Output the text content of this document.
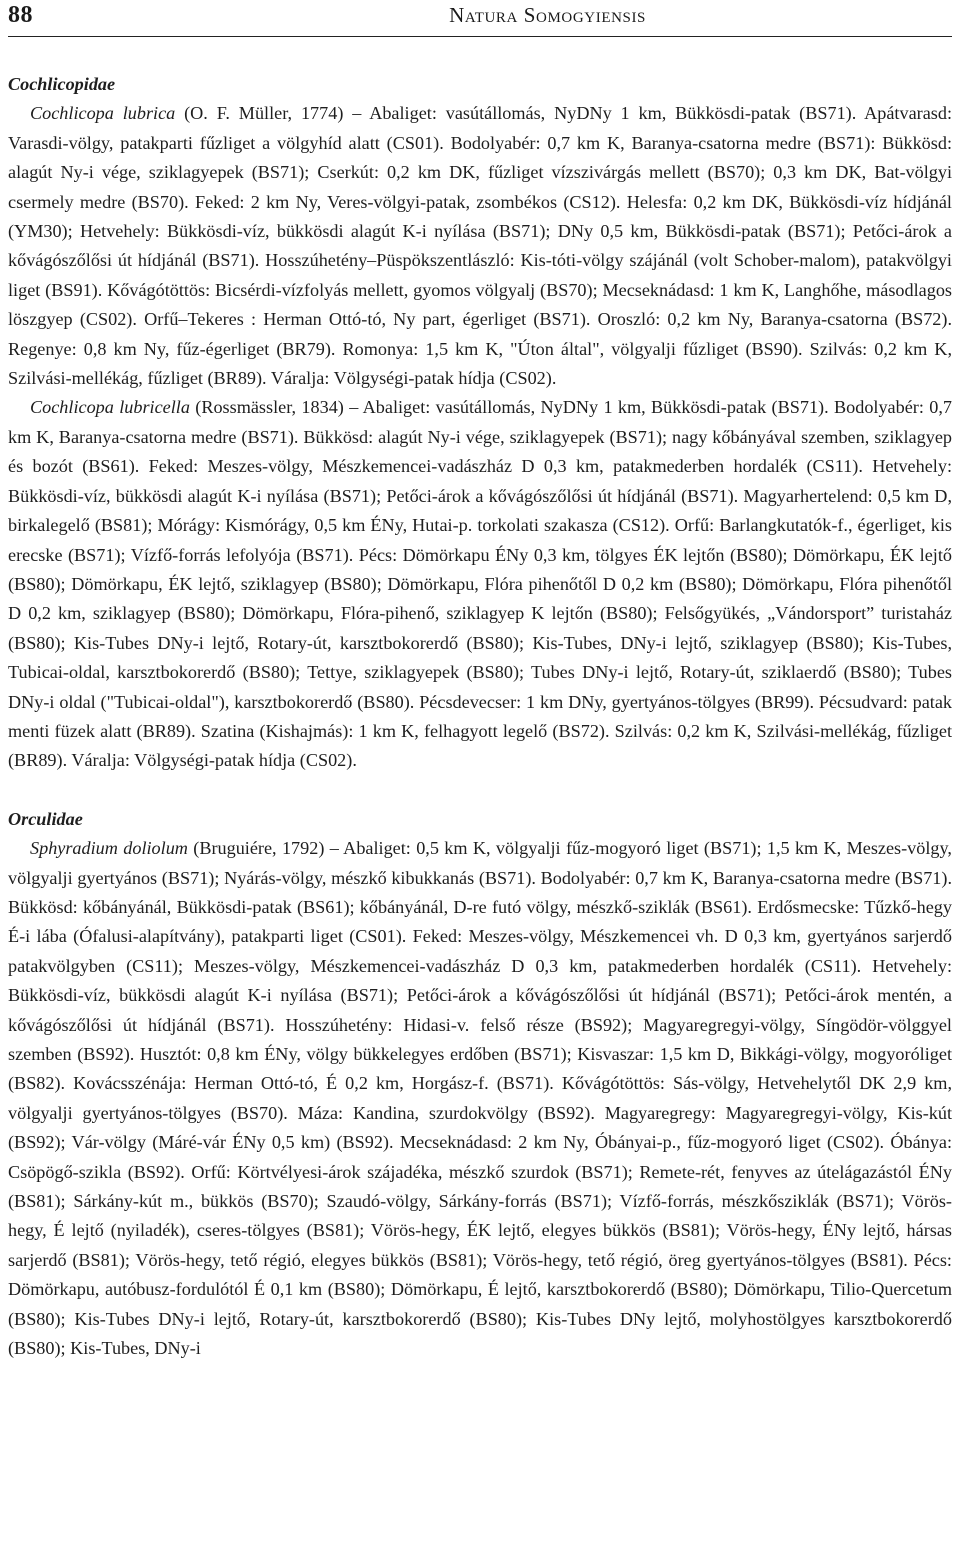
88	Natura Somogyiensis

Cochlicopidae

Cochlicopa lubrica (O. F. Müller, 1774) – Abaliget: vasútállomás, NyDNy 1 km, Bükkösdi-patak (BS71). Apátvarasd: Varasdi-völgy, patakparti fűzliget a völgyhíd alatt (CS01). Bodolyabér: 0,7 km K, Baranya-csatorna medre (BS71): Bükkösd: alagút Ny-i vége, sziklagyepek (BS71); Cserkút: 0,2 km DK, fűzliget vízszivárgás mellett (BS70); 0,3 km DK, Bat-völgyi csermely medre (BS70). Feked: 2 km Ny, Veres-völgyi-patak, zsombékos (CS12). Helesfa: 0,2 km DK, Bükkösdi-víz hídjánál (YM30); Hetvehely: Bükkösdi-víz, bükkösdi alagút K-i nyílása (BS71); DNy 0,5 km, Bükkösdi-patak (BS71); Petőci-árok a kővágószőlősi út hídjánál (BS71). Hosszúhetény–Püspökszentlászló: Kis-tóti-völgy szájánál (volt Schober-malom), patakvölgyi liget (BS91). Kővágótöttös: Bicsérdi-vízfolyás mellett, gyomos völgyalj (BS70); Mecseknádasd: 1 km K, Langhőhe, másodlagos löszgyep (CS02). Orfű–Tekeres : Herman Ottó-tó, Ny part, égerliget (BS71). Oroszló: 0,2 km Ny, Baranya-csatorna (BS72). Regenye: 0,8 km Ny, fűz-égerliget (BR79). Romonya: 1,5 km K, "Úton által", völgyalji fűzliget (BS90). Szilvás: 0,2 km K, Szilvási-mellékág, fűzliget (BR89). Váralja: Völgységi-patak hídja (CS02).

Cochlicopa lubricella (Rossmässler, 1834) – Abaliget: vasútállomás, NyDNy 1 km, Bükkösdi-patak (BS71). Bodolyabér: 0,7 km K, Baranya-csatorna medre (BS71). Bükkösd: alagút Ny-i vége, sziklagyepek (BS71); nagy kőbányával szemben, sziklagyep és bozót (BS61). Feked: Meszes-völgy, Mészkemencei-vadászház D 0,3 km, patakmederben hordalék (CS11). Hetvehely: Bükkösdi-víz, bükkösdi alagút K-i nyílása (BS71); Petőci-árok a kővágószőlősi út hídjánál (BS71). Magyarhertelend: 0,5 km D, birkalegelő (BS81); Mórágy: Kismórágy, 0,5 km ÉNy, Hutai-p. torkolati szakasza (CS12). Orfű: Barlangkutatók-f., égerliget, kis erecske (BS71); Vízfő-forrás lefolyója (BS71). Pécs: Dömörkapu ÉNy 0,3 km, tölgyes ÉK lejtőn (BS80); Dömörkapu, ÉK lejtő (BS80); Dömörkapu, ÉK lejtő, sziklagyep (BS80); Dömörkapu, Flóra pihenőtől D 0,2 km (BS80); Dömörkapu, Flóra pihenőtől D 0,2 km, sziklagyep (BS80); Dömörkapu, Flóra-pihenő, sziklagyep K lejtőn (BS80); Felsőgyükés, „Vándorsport” turistaház (BS80); Kis-Tubes DNy-i lejtő, Rotary-út, karsztbokorerdő (BS80); Kis-Tubes, DNy-i lejtő, sziklagyep (BS80); Kis-Tubes, Tubicai-oldal, karsztbokorerdő (BS80); Tettye, sziklagyepek (BS80); Tubes DNy-i lejtő, Rotary-út, sziklaerdő (BS80); Tubes DNy-i oldal ("Tubicai-oldal"), karsztbokorerdő (BS80). Pécsdevecser: 1 km DNy, gyertyános-tölgyes (BR99). Pécsudvard: patak menti füzek alatt (BR89). Szatina (Kishajmás): 1 km K, felhagyott legelő (BS72). Szilvás: 0,2 km K, Szilvási-mellékág, fűzliget (BR89). Váralja: Völgységi-patak hídja (CS02).

Orculidae

Sphyradium doliolum (Bruguiére, 1792) – Abaliget: 0,5 km K, völgyalji fűz-mogyoró liget (BS71); 1,5 km K, Meszes-völgy, völgyalji gyertyános (BS71); Nyárás-völgy, mészkő kibukkanás (BS71). Bodolyabér: 0,7 km K, Baranya-csatorna medre (BS71). Bükkösd: kőbányánál, Bükkösdi-patak (BS61); kőbányánál, D-re futó völgy, mészkő-sziklák (BS61). Erdősmecske: Tűzkő-hegy É-i lába (Ófalusi-alapítvány), patakparti liget (CS01). Feked: Meszes-völgy, Mészkemencei vh. D 0,3 km, gyertyános sarjerdő patakvölgyben (CS11); Meszes-völgy, Mészkemencei-vadászház D 0,3 km, patakmederben hordalék (CS11). Hetvehely: Bükkösdi-víz, bükkösdi alagút K-i nyílása (BS71); Petőci-árok a kővágószőlősi út hídjánál (BS71); Petőci-árok mentén, a kővágószőlősi út hídjánál (BS71). Hosszúhetény: Hidasi-v. felső része (BS92); Magyaregregyi-völgy, Síngödör-völggyel szemben (BS92). Husztót: 0,8 km ÉNy, völgy bükkelegyes erdőben (BS71); Kisvaszar: 1,5 km D, Bikkági-völgy, mogyoróliget (BS82). Kovácsszénája: Herman Ottó-tó, É 0,2 km, Horgász-f. (BS71). Kővágótöttös: Sás-völgy, Hetvehelytől DK 2,9 km, völgyalji gyertyános-tölgyes (BS70). Máza: Kandina, szurdokvölgy (BS92). Magyaregregy: Magyaregregyi-völgy, Kis-kút (BS92); Vár-völgy (Máré-vár ÉNy 0,5 km) (BS92). Mecseknádasd: 2 km Ny, Óbányai-p., fűz-mogyoró liget (CS02). Óbánya: Csöpögő-szikla (BS92). Orfű: Körtvélyesi-árok szájadéka, mészkő szurdok (BS71); Remete-rét, fenyves az útelágazástól ÉNy (BS81); Sárkány-kút m., bükkös (BS70); Szaudó-völgy, Sárkány-forrás (BS71); Vízfő-forrás, mészkősziklák (BS71); Vörös-hegy, É lejtő (nyiladék), cseres-tölgyes (BS81); Vörös-hegy, ÉK lejtő, elegyes bükkös (BS81); Vörös-hegy, ÉNy lejtő, hársas sarjerdő (BS81); Vörös-hegy, tető régió, elegyes bükkös (BS81); Vörös-hegy, tető régió, öreg gyertyános-tölgyes (BS81). Pécs: Dömörkapu, autóbusz-fordulótól É 0,1 km (BS80); Dömörkapu, É lejtő, karsztbokorerdő (BS80); Dömörkapu, Tilio-Quercetum (BS80); Kis-Tubes DNy-i lejtő, Rotary-út, karsztbokorerdő (BS80); Kis-Tubes DNy lejtő, molyhostölgyes karsztbokorerdő (BS80); Kis-Tubes, DNy-i
